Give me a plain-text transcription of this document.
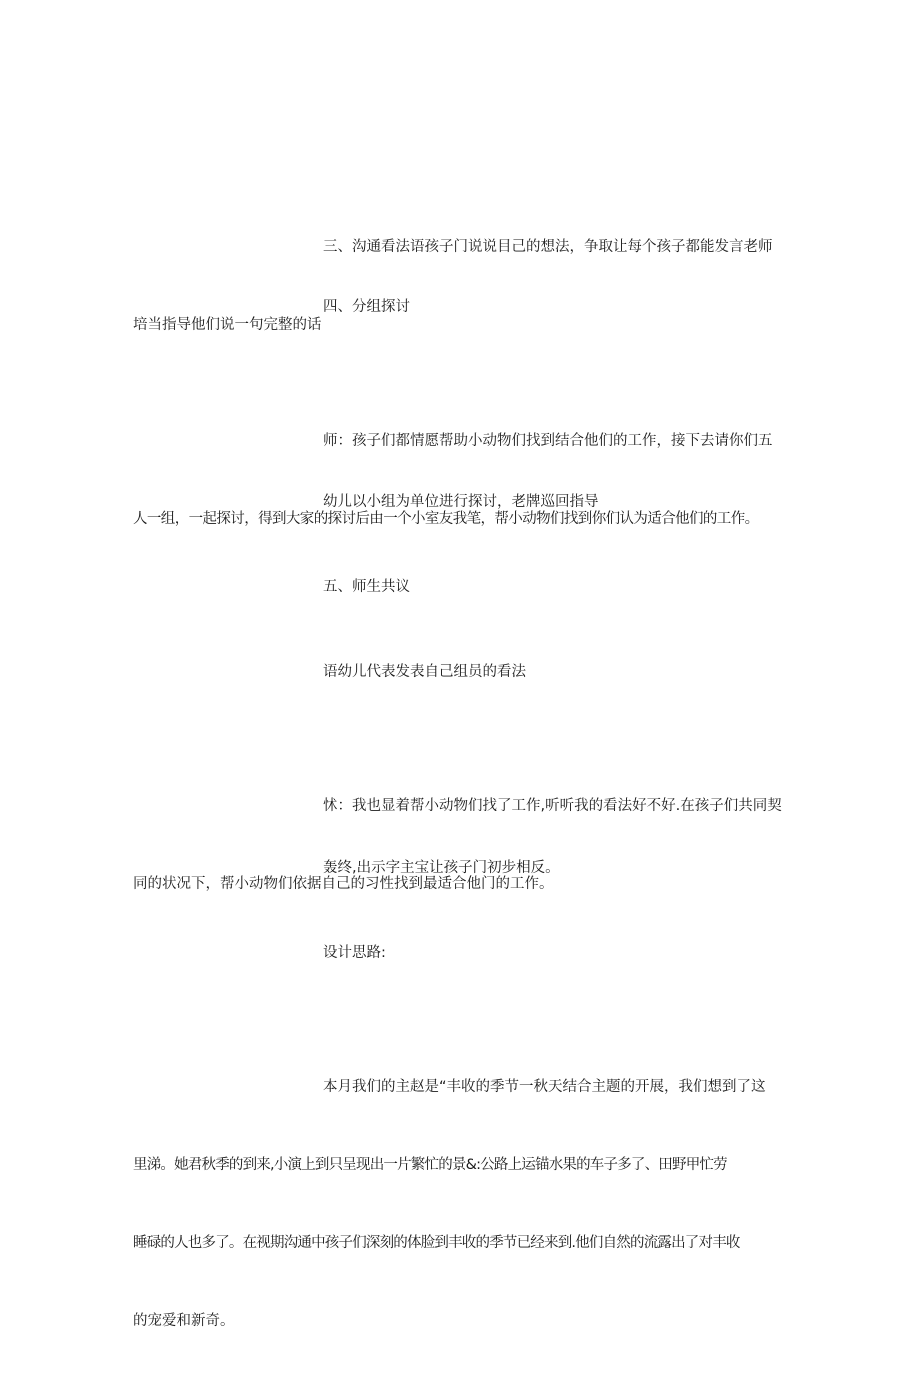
三、沟通看法语孩子门说说目己的想法，争取让每个孩子都能发言老师

培当指导他们说一句完整的话

四、分组探讨

师：孩子们都情愿帮助小动物们找到结合他们的工作，接下去请你们五

人一组，一起探讨，得到大家的探讨后由一个小室友我笔，帮小动物们找到你们认为适合他们的工作。

幼儿以小组为单位进行探讨，老牌巡回指导
五、师生共议
语幼儿代表发表自己组员的看法

怵：我也显着帮小动物们找了工作,听听我的看法好不好.在孩子们共同契

同的状况下，帮小动物们依据自己的习性找到最适合他门的工作。

轰终,出示字主宝让孩子门初步相反。
设计思路:

本月我们的主赵是“丰收的季节一秋天结合主题的开展，我们想到了这

里涕。她君秋季的到来,小演上到只呈现出一片繁忙的景&:公路上运锚水果的车子多了、田野甲忙劳

睡碌的人也多了。在视期沟通中孩子们深刻的体脸到丰收的季节已经来到.他们自然的流露出了对丰收

的宠爱和新奇。
